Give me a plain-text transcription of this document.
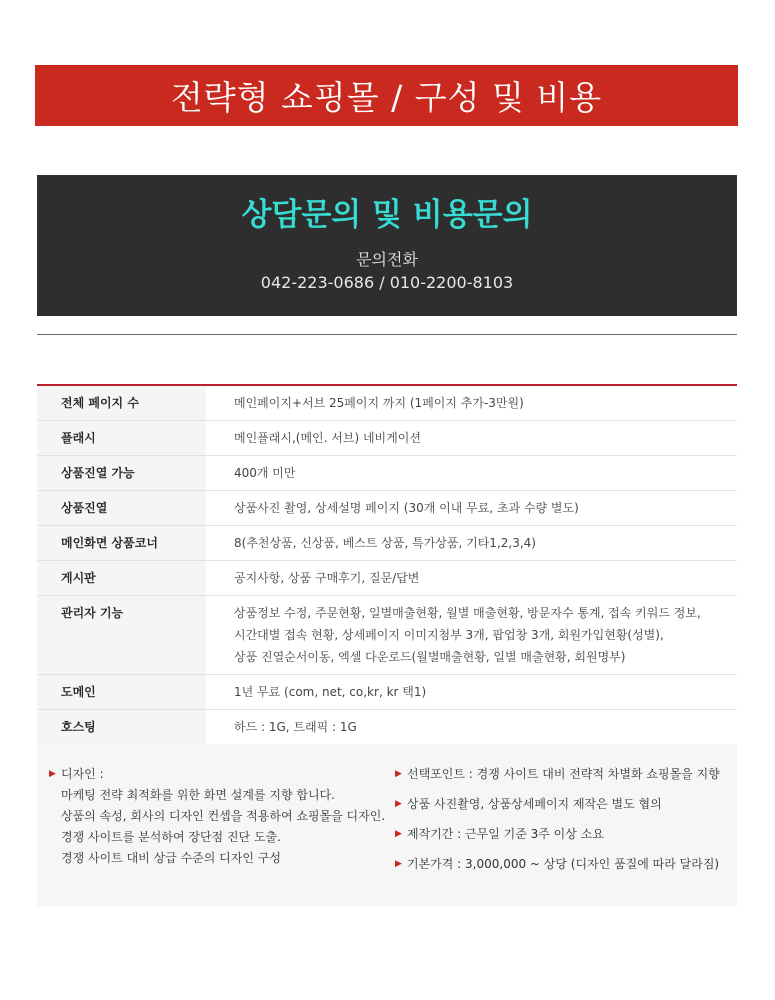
전략형 쇼핑몰 / 구성 및 비용
상담문의 및 비용문의
문의전화
042-223-0686 / 010-2200-8103
전체 페이지 수	메인페이지+서브 25페이지 까지 (1페이지 추가-3만원)

플래시	메인플래시,(메인. 서브) 네비게이션

상품진열 가능	400개 미만

상품진열	상품사진 촬영, 상세설명 페이지 (30개 이내 무료, 초과 수량 별도)

메인화면 상품코너	8(추천상품, 신상품, 베스트 상품, 특가상품, 기타1,2,3,4)

게시판	공지사항, 상품 구매후기, 질문/답변

관리자 기능	상품정보 수정, 주문현황, 일별매출현황, 월별 매출현황, 방문자수 통계, 접속 키워드 정보,
시간대별 접속 현황, 상세페이지 이미지첨부 3개, 팝업창 3개, 회원가입현황(성별),
상품 진열순서이동, 엑셀 다운로드(월별매출현황, 일별 매출현황, 회원명부)

도메인	1년 무료 (com, net, co,kr, kr 택1)

호스팅	하드 : 1G, 트래픽 : 1G
▶ 디자인 :
마케팅 전략 최적화를 위한 화면 설계를 지향 합니다.
상품의 속성, 회사의 디자인 컨셉을 적용하여 쇼핑몰을 디자인.
경쟁 사이트를 분석하여 장단점 진단 도출.
경쟁 사이트 대비 상급 수준의 디자인 구성
▶ 선택포인트 : 경쟁 사이트 대비 전략적 차별화 쇼핑몰을 지향
▶ 상품 사진촬영, 상품상세페이지 제작은 별도 협의
▶ 제작기간 : 근무일 기준 3주 이상 소요
▶ 기본가격 : 3,000,000 ~ 상당 (디자인 품질에 따라 달라짐)
